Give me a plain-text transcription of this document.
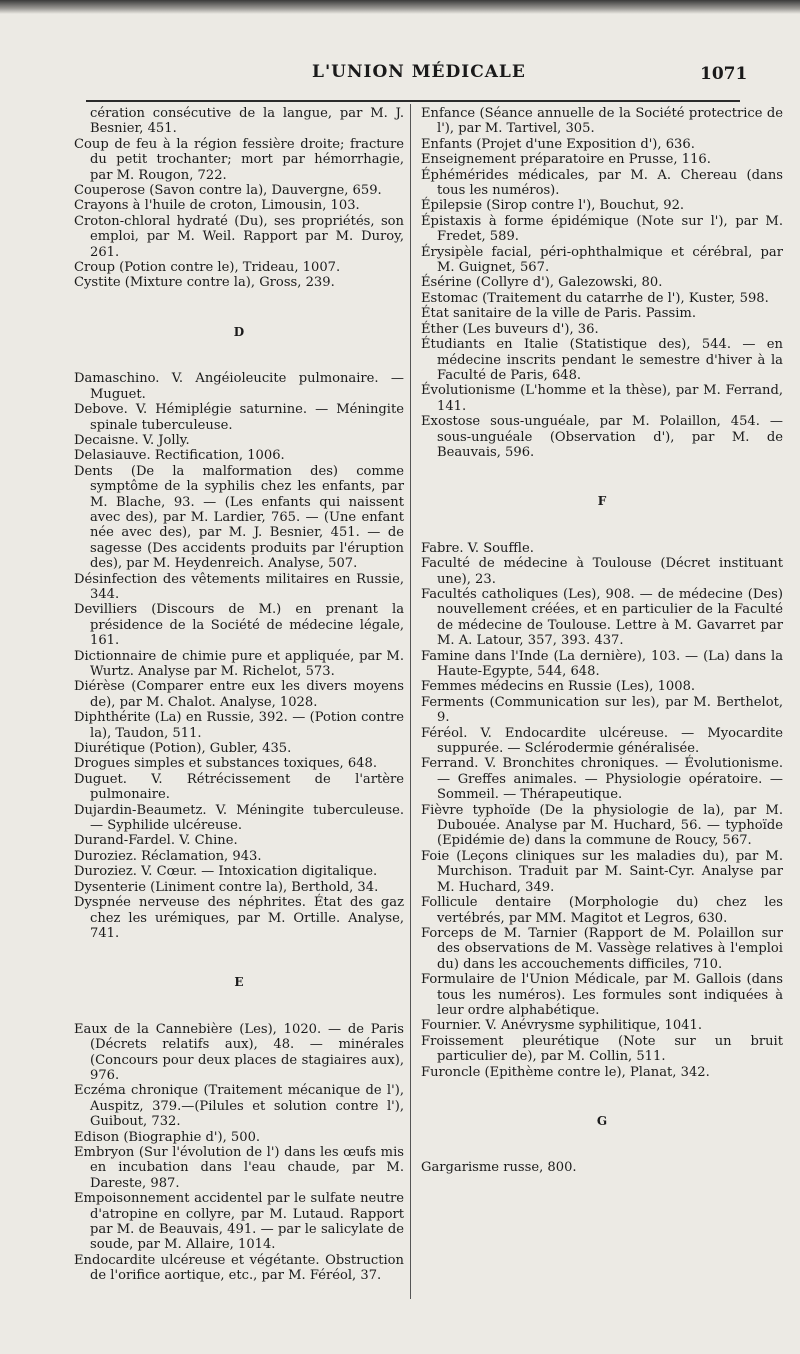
L'UNION MÉDICALE	1071

cération consécutive de la langue, par M. J. Besnier, 451.

Coup de feu à la région fessière droite; fracture du petit trochanter; mort par hémorrhagie, par M. Rougon, 722.

Couperose (Savon contre la), Dauvergne, 659.

Crayons à l'huile de croton, Limousin, 103.

Croton-chloral hydraté (Du), ses propriétés, son emploi, par M. Weil. Rapport par M. Duroy, 261.

Croup (Potion contre le), Trideau, 1007.

Cystite (Mixture contre la), Gross, 239.

D

Damaschino. V. Angéioleucite pulmonaire. — Muguet.

Debove. V. Hémiplégie saturnine. — Méningite spinale tuberculeuse.

Decaisne. V. Jolly.

Delasiauve. Rectification, 1006.

Dents (De la malformation des) comme symptôme de la syphilis chez les enfants, par M. Blache, 93. — (Les enfants qui naissent avec des), par M. Lardier, 765. — (Une enfant née avec des), par M. J. Besnier, 451. — de sagesse (Des accidents produits par l'éruption des), par M. Heydenreich. Analyse, 507.

Désinfection des vêtements militaires en Russie, 344.

Devilliers (Discours de M.) en prenant la présidence de la Société de médecine légale, 161.

Dictionnaire de chimie pure et appliquée, par M. Wurtz. Analyse par M. Richelot, 573.

Diérèse (Comparer entre eux les divers moyens de), par M. Chalot. Analyse, 1028.

Diphthérite (La) en Russie, 392. — (Potion contre la), Taudon, 511.

Diurétique (Potion), Gubler, 435.

Drogues simples et substances toxiques, 648.

Duguet. V. Rétrécissement de l'artère pulmonaire.

Dujardin-Beaumetz. V. Méningite tuberculeuse. — Syphilide ulcéreuse.

Durand-Fardel. V. Chine.

Duroziez. Réclamation, 943.

Duroziez. V. Cœur. — Intoxication digitalique.

Dysenterie (Liniment contre la), Berthold, 34.

Dyspnée nerveuse des néphrites. État des gaz chez les urémiques, par M. Ortille. Analyse, 741.

E

Eaux de la Cannebière (Les), 1020. — de Paris (Décrets relatifs aux), 48. — minérales (Concours pour deux places de stagiaires aux), 976.

Eczéma chronique (Traitement mécanique de l'), Auspitz, 379.—(Pilules et solution contre l'), Guibout, 732.

Edison (Biographie d'), 500.

Embryon (Sur l'évolution de l') dans les œufs mis en incubation dans l'eau chaude, par M. Dareste, 987.

Empoisonnement accidentel par le sulfate neutre d'atropine en collyre, par M. Lutaud. Rapport par M. de Beauvais, 491. — par le salicylate de soude, par M. Allaire, 1014.

Endocardite ulcéreuse et végétante. Obstruction de l'orifice aortique, etc., par M. Féréol, 37.

Enfance (Séance annuelle de la Société protectrice de l'), par M. Tartivel, 305.

Enfants (Projet d'une Exposition d'), 636.

Enseignement préparatoire en Prusse, 116.

Éphémérides médicales, par M. A. Chereau (dans tous les numéros).

Épilepsie (Sirop contre l'), Bouchut, 92.

Épistaxis à forme épidémique (Note sur l'), par M. Fredet, 589.

Érysipèle facial, péri-ophthalmique et cérébral, par M. Guignet, 567.

Ésérine (Collyre d'), Galezowski, 80.

Estomac (Traitement du catarrhe de l'), Kuster, 598.

État sanitaire de la ville de Paris. Passim.

Éther (Les buveurs d'), 36.

Étudiants en Italie (Statistique des), 544. — en médecine inscrits pendant le semestre d'hiver à la Faculté de Paris, 648.

Évolutionisme (L'homme et la thèse), par M. Ferrand, 141.

Exostose sous-unguéale, par M. Polaillon, 454. — sous-unguéale (Observation d'), par M. de Beauvais, 596.

F

Fabre. V. Souffle.

Faculté de médecine à Toulouse (Décret instituant une), 23.

Facultés catholiques (Les), 908. — de médecine (Des) nouvellement créées, et en particulier de la Faculté de médecine de Toulouse. Lettre à M. Gavarret par M. A. Latour, 357, 393. 437.

Famine dans l'Inde (La dernière), 103. — (La) dans la Haute-Egypte, 544, 648.

Femmes médecins en Russie (Les), 1008.

Ferments (Communication sur les), par M. Berthelot, 9.

Féréol. V. Endocardite ulcéreuse. — Myocardite suppurée. — Sclérodermie généralisée.

Ferrand. V. Bronchites chroniques. — Évolutionisme. — Greffes animales. — Physiologie opératoire. — Sommeil. — Thérapeutique.

Fièvre typhoïde (De la physiologie de la), par M. Dubouée. Analyse par M. Huchard, 56. — typhoïde (Epidémie de) dans la commune de Roucy, 567.

Foie (Leçons cliniques sur les maladies du), par M. Murchison. Traduit par M. Saint-Cyr. Analyse par M. Huchard, 349.

Follicule dentaire (Morphologie du) chez les vertébrés, par MM. Magitot et Legros, 630.

Forceps de M. Tarnier (Rapport de M. Polaillon sur des observations de M. Vassège relatives à l'emploi du) dans les accouchements difficiles, 710.

Formulaire de l'Union Médicale, par M. Gallois (dans tous les numéros). Les formules sont indiquées à leur ordre alphabétique.

Fournier. V. Anévrysme syphilitique, 1041.

Froissement pleurétique (Note sur un bruit particulier de), par M. Collin, 511.

Furoncle (Epithème contre le), Planat, 342.

G

Gargarisme russe, 800.
